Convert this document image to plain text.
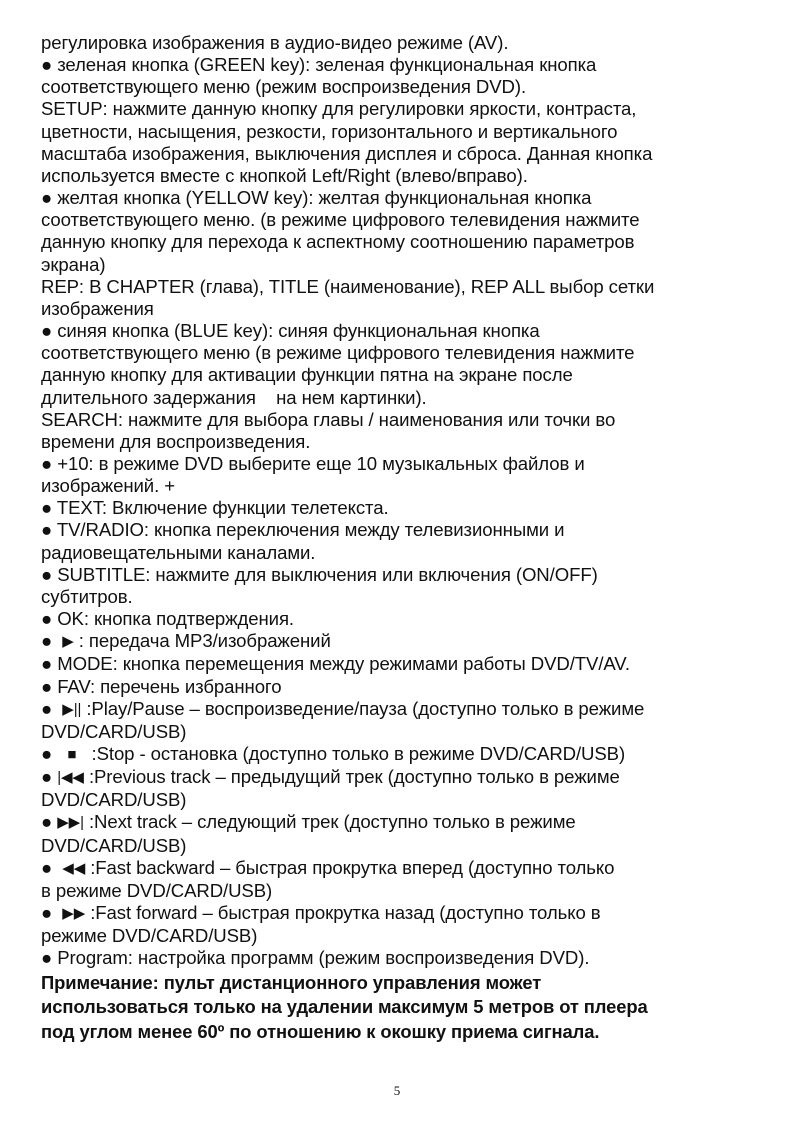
регулировка изображения в аудио-видео режиме (AV).
● зеленая кнопка (GREEN key): зеленая функциональная кнопка
соответствующего меню (режим воспроизведения DVD).
SETUP: нажмите данную кнопку для регулировки яркости, контраста,
цветности, насыщения, резкости, горизонтального и вертикального
масштаба изображения, выключения дисплея и сброса. Данная кнопка
используется вместе с кнопкой Left/Right (влево/вправо).
● желтая кнопка (YELLOW key): желтая функциональная кнопка
соответствующего меню. (в режиме цифрового телевидения нажмите
данную кнопку для перехода к аспектному соотношению параметров
экрана)
REP: B CHAPTER (глава), TITLE (наименование), REP ALL выбор сетки
изображения
● синяя кнопка (BLUE key): синяя функциональная кнопка
соответствующего меню (в режиме цифрового телевидения нажмите
данную кнопку для активации функции пятна на экране после
длительного задержания    на нем картинки).
SEARCH: нажмите для выбора главы / наименования или точки во
времени для воспроизведения.
● +10: в режиме DVD выберите еще 10 музыкальных файлов и
изображений. +
● TEXT: Включение функции телетекста.
● TV/RADIO: кнопка переключения между телевизионными и
радиовещательными каналами.
● SUBTITLE: нажмите для выключения или включения (ON/OFF)
субтитров.
● OK: кнопка подтверждения.
●  ▶ : передача MP3/изображений
● MODE: кнопка перемещения между режимами работы DVD/TV/AV.
● FAV: перечень избранного
●  ▶|| :Play/Pause – воспроизведение/пауза (доступно только в режиме
DVD/CARD/USB)
●   ■   :Stop - остановка (доступно только в режиме DVD/CARD/USB)
● |◀◀ :Previous track – предыдущий трек (доступно только в режиме
DVD/CARD/USB)
● ▶▶| :Next track – следующий трек (доступно только в режиме
DVD/CARD/USB)
●  ◀◀ :Fast backward – быстрая прокрутка вперед (доступно только
в режиме DVD/CARD/USB)
●  ▶▶ :Fast forward – быстрая прокрутка назад (доступно только в
режиме DVD/CARD/USB)
● Program: настройка программ (режим воспроизведения DVD).
Примечание: пульт дистанционного управления может
использоваться только на удалении максимум 5 метров от плеера
под углом менее 60º по отношению к окошку приема сигнала.
5
